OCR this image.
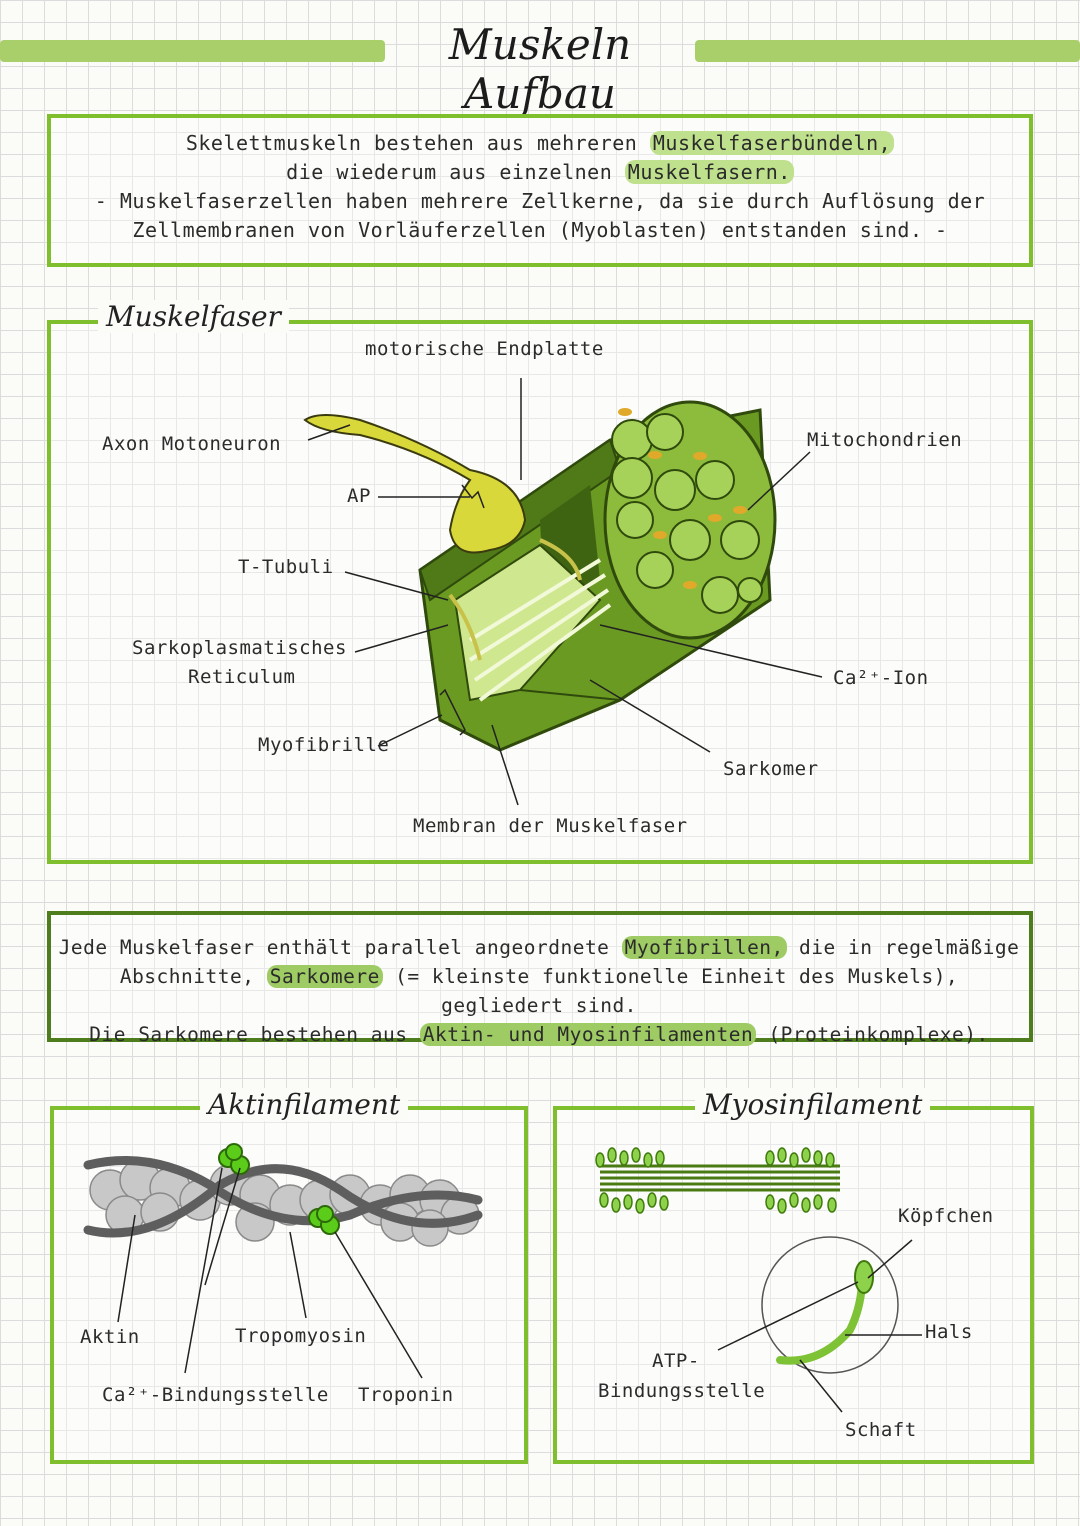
Muskeln Aufbau
Skelettmuskeln bestehen aus mehreren Muskelfaserbündeln,
die wiederum aus einzelnen Muskelfasern.
- Muskelfaserzellen haben mehrere Zellkerne, da sie durch Auflösung der
Zellmembranen von Vorläuferzellen (Myoblasten) entstanden sind. -
Muskelfaser
motorische Endplatte
Axon Motoneuron
AP
Mitochondrien
T-Tubuli
Sarkoplasmatisches
Reticulum	Ca²⁺-Ion
Myofibrille
Sarkomer
Membran der Muskelfaser
Jede Muskelfaser enthält parallel angeordnete Myofibrillen, die in regelmäßige
Abschnitte, Sarkomere (= kleinste funktionelle Einheit des Muskels), gegliedert sind.
Die Sarkomere bestehen aus Aktin- und Myosinfilamenten (Proteinkomplexe).
Aktinfilament
Aktin	Tropomyosin
Ca²⁺-Bindungsstelle Troponin
Myosinfilament
Köpfchen
Hals
ATP-
Bindungsstelle
Schaft
